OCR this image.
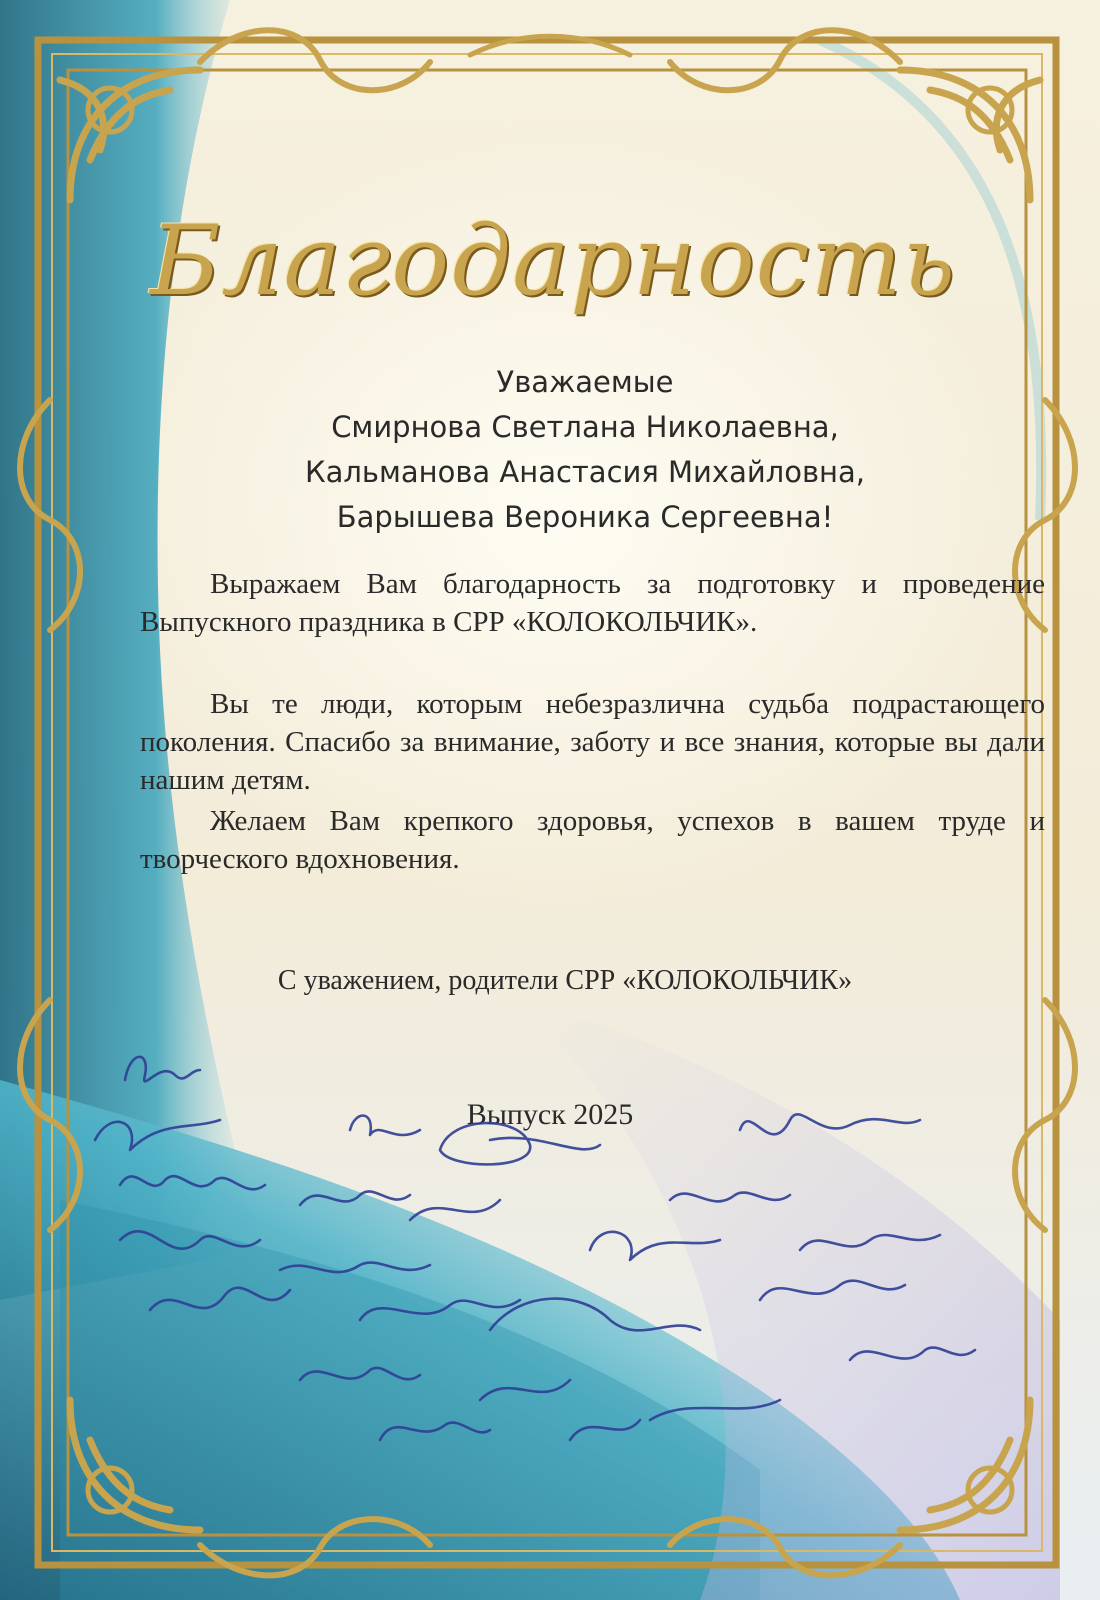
Благодарность
Уважаемые
Смирнова Светлана Николаевна,
Кальманова Анастасия Михайловна,
Барышева Вероника Сергеевна!
Выражаем Вам благодарность за подготовку и проведение Выпускного праздника в СРР «КОЛОКОЛЬЧИК».
Вы те люди, которым небезразлична судьба подрастающего поколения. Спасибо за внимание, заботу и все знания, которые вы дали нашим детям.
Желаем Вам крепкого здоровья, успехов в вашем труде и творческого вдохновения.
С уважением, родители СРР «КОЛОКОЛЬЧИК»
Выпуск 2025
